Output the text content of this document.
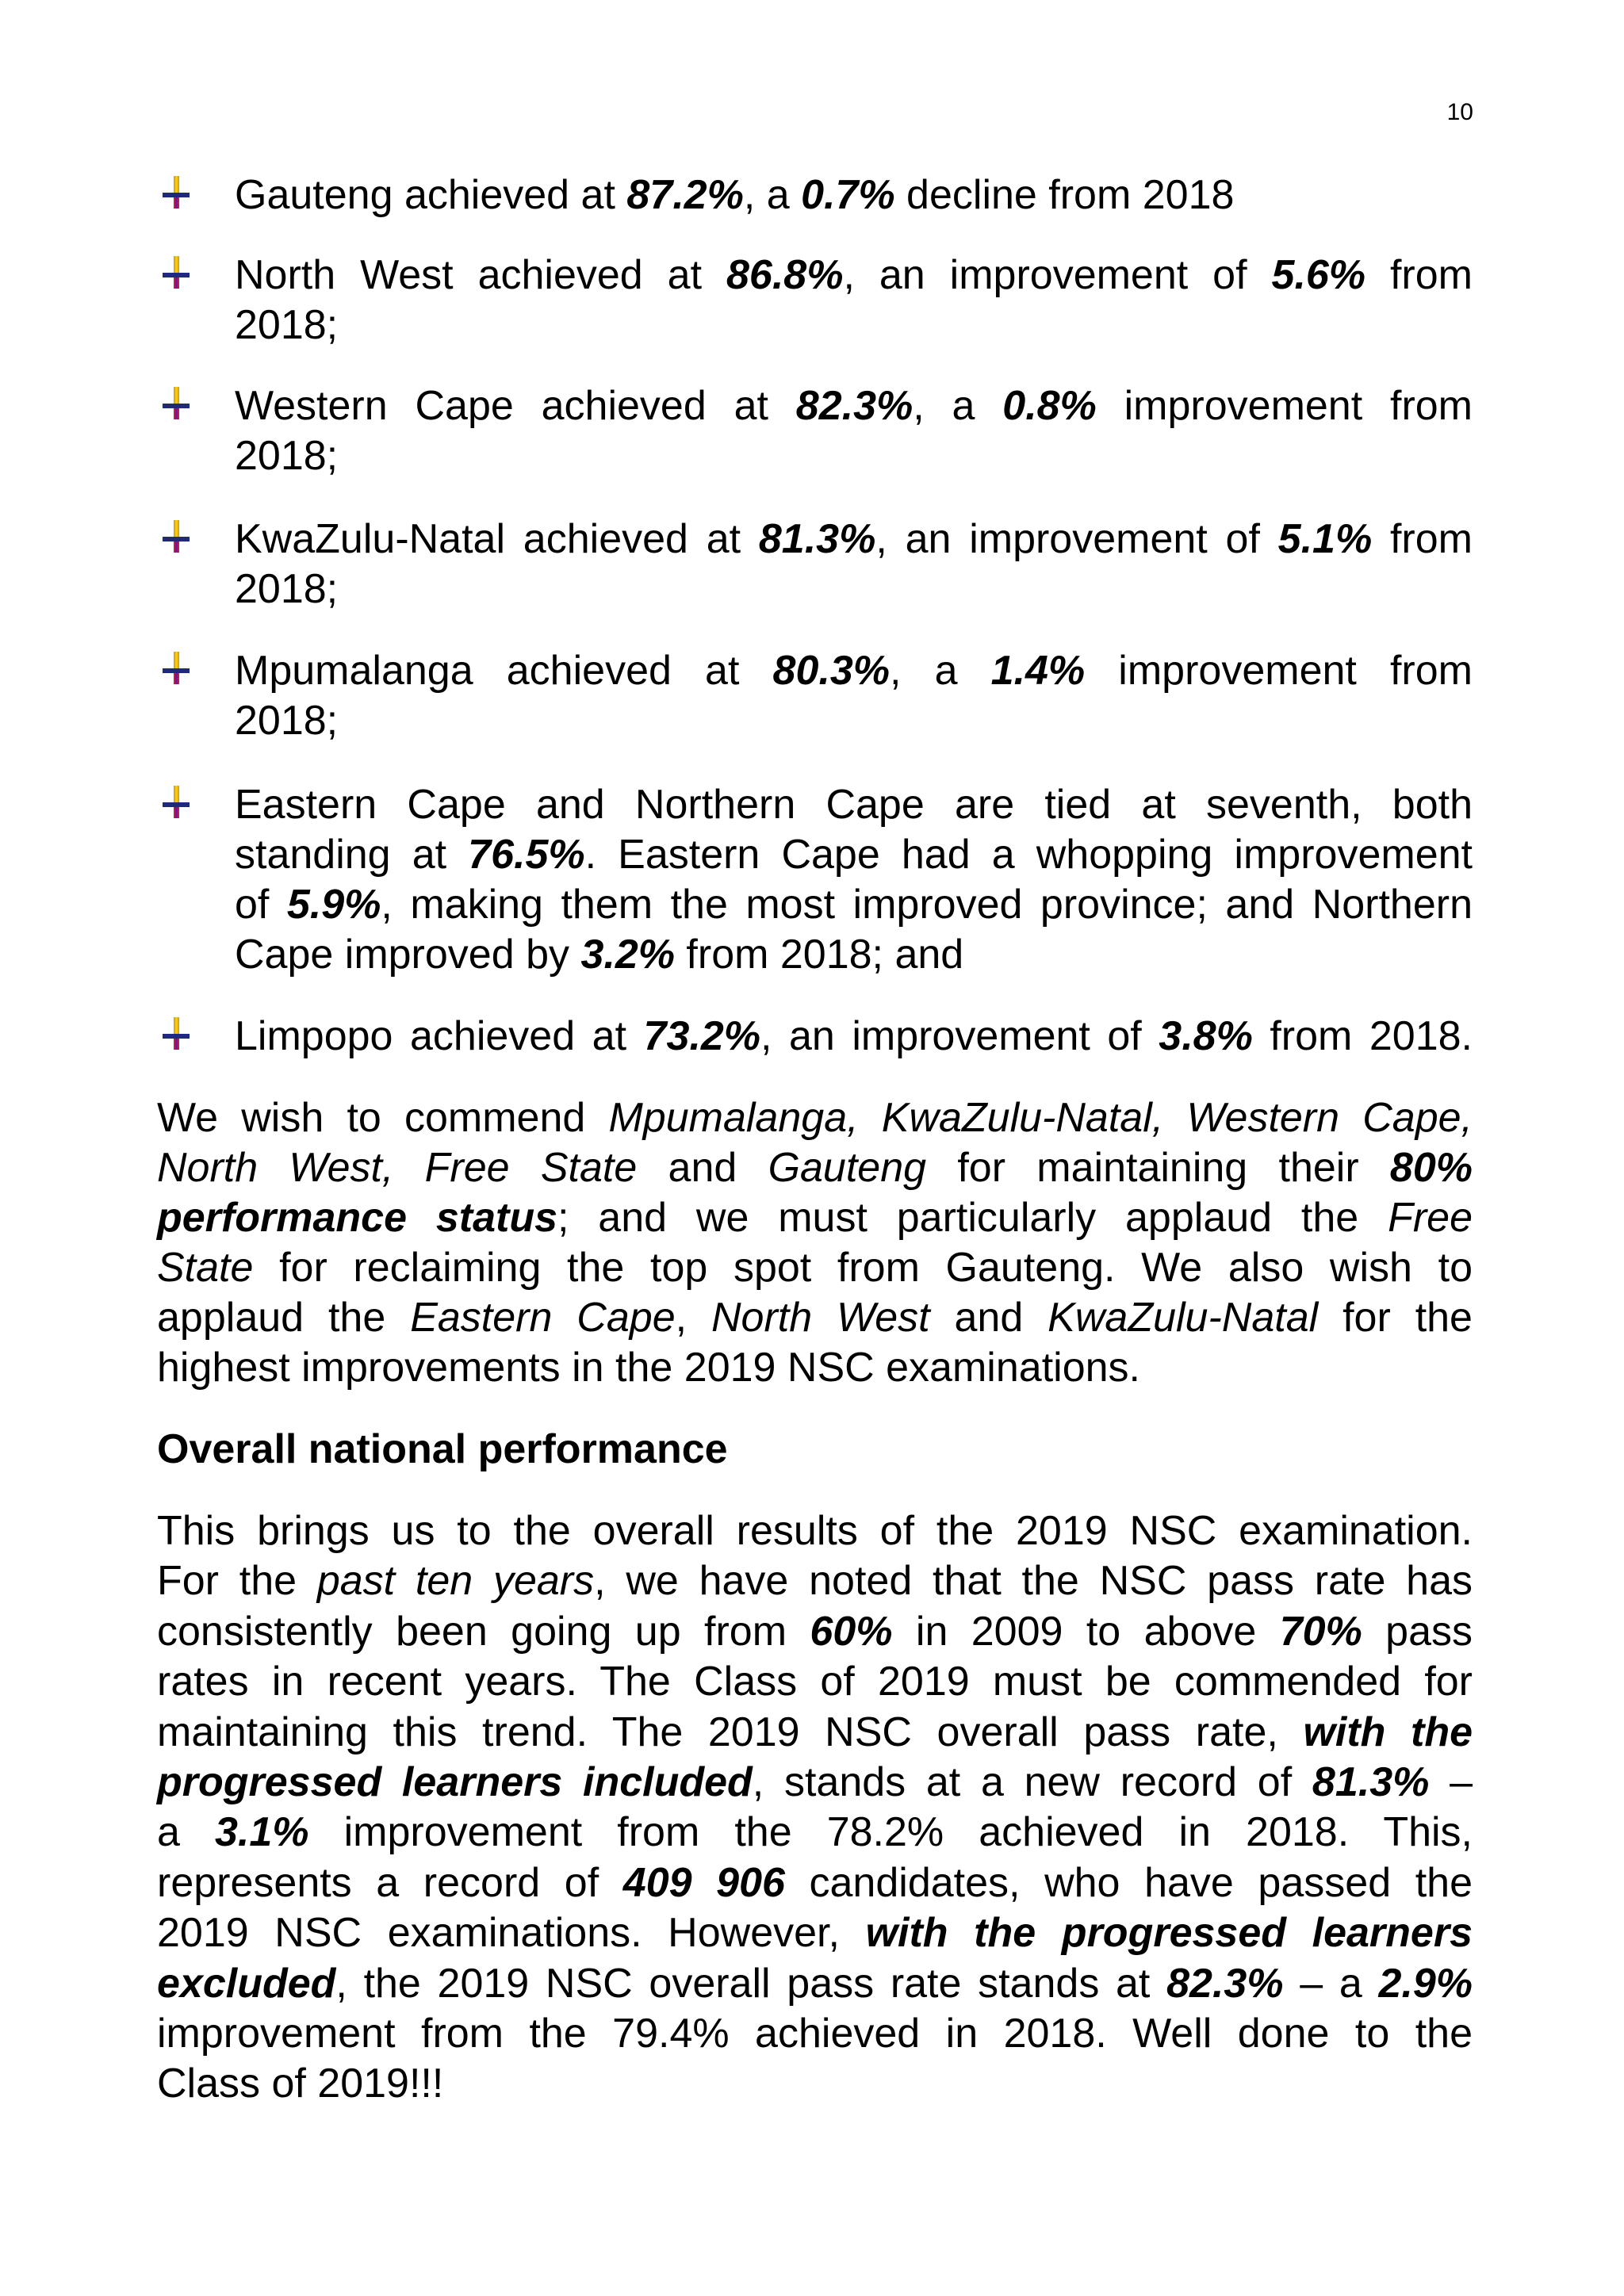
10
Gauteng achieved at 87.2%, a 0.7% decline from 2018
North West achieved at 86.8%, an improvement of 5.6% from
2018;
Western Cape achieved at 82.3%, a 0.8% improvement from
2018;
KwaZulu-Natal achieved at 81.3%, an improvement of 5.1% from
2018;
Mpumalanga achieved at 80.3%, a 1.4% improvement from
2018;
Eastern Cape and Northern Cape are tied at seventh, both
standing at 76.5%. Eastern Cape had a whopping improvement
of 5.9%, making them the most improved province; and Northern
Cape improved by 3.2% from 2018; and
Limpopo achieved at 73.2%, an improvement of 3.8% from 2018.
We wish to commend Mpumalanga, KwaZulu-Natal, Western Cape,
North West, Free State and Gauteng for maintaining their 80%
performance status; and we must particularly applaud the Free
State for reclaiming the top spot from Gauteng. We also wish to
applaud the Eastern Cape, North West and KwaZulu-Natal for the
highest improvements in the 2019 NSC examinations.
Overall national performance
This brings us to the overall results of the 2019 NSC examination.
For the past ten years, we have noted that the NSC pass rate has
consistently been going up from 60% in 2009 to above 70% pass
rates in recent years. The Class of 2019 must be commended for
maintaining this trend. The 2019 NSC overall pass rate, with the
progressed learners included, stands at a new record of 81.3% –
a 3.1% improvement from the 78.2% achieved in 2018. This,
represents a record of 409 906 candidates, who have passed the
2019 NSC examinations. However, with the progressed learners
excluded, the 2019 NSC overall pass rate stands at 82.3% – a 2.9%
improvement from the 79.4% achieved in 2018. Well done to the
Class of 2019!!!
